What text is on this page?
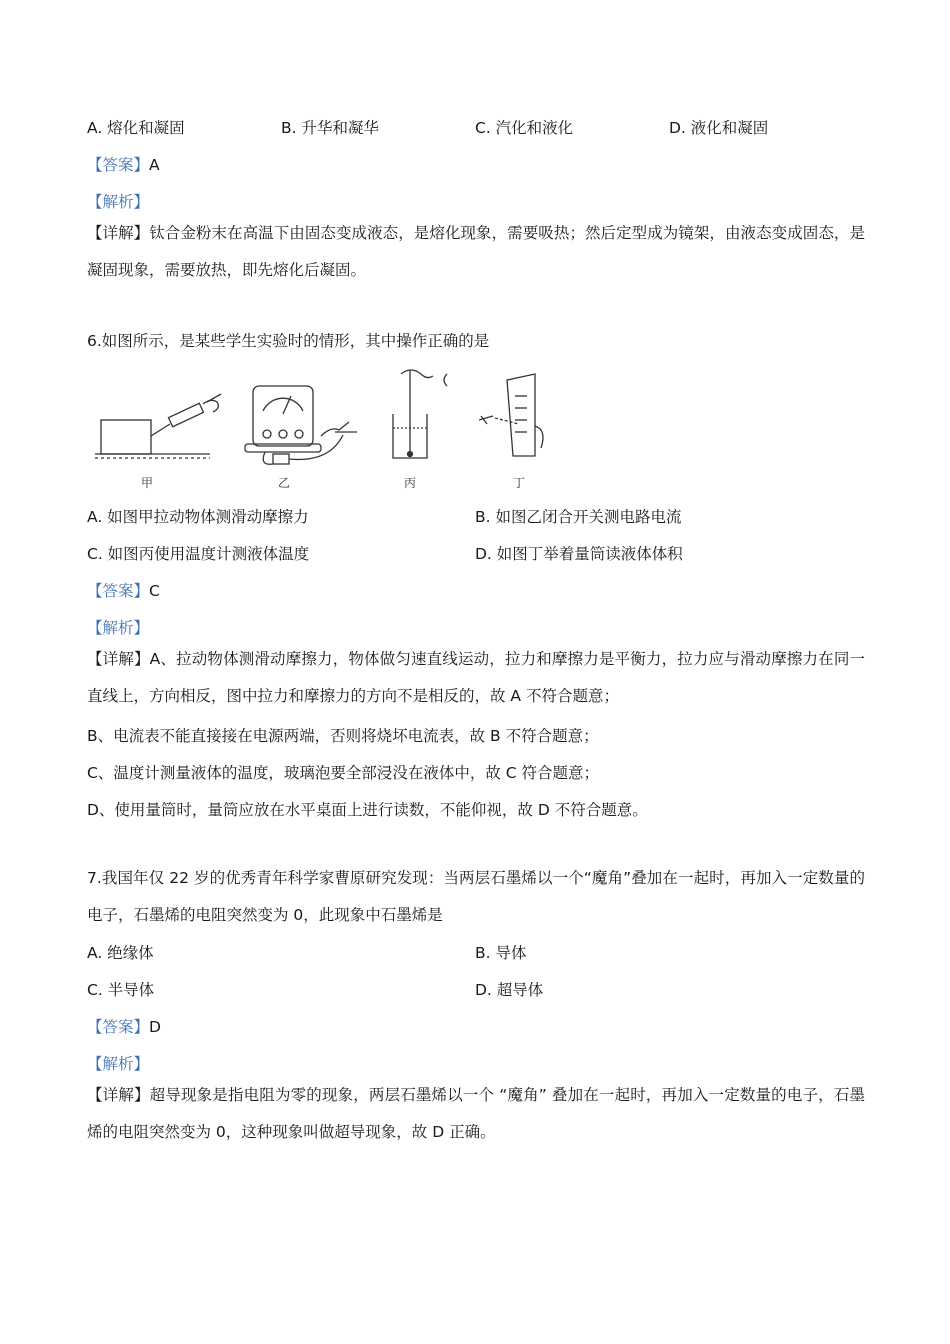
A. 熔化和凝固	B. 升华和凝华	C. 汽化和液化	D. 液化和凝固
【答案】A
【解析】
【详解】钛合金粉末在高温下由固态变成液态，是熔化现象，需要吸热；然后定型成为镜架，由液态变成固态，是凝固现象，需要放热，即先熔化后凝固。
6.如图所示，是某些学生实验时的情形，其中操作正确的是
甲	乙	丙	丁
A. 如图甲拉动物体测滑动摩擦力	B. 如图乙闭合开关测电路电流
C. 如图丙使用温度计测液体温度	D. 如图丁举着量筒读液体体积
【答案】C
【解析】
【详解】A、拉动物体测滑动摩擦力，物体做匀速直线运动，拉力和摩擦力是平衡力，拉力应与滑动摩擦力在同一直线上，方向相反，图中拉力和摩擦力的方向不是相反的，故 A 不符合题意；
B、电流表不能直接接在电源两端，否则将烧坏电流表，故 B 不符合题意；
C、温度计测量液体的温度，玻璃泡要全部浸没在液体中，故 C 符合题意；
D、使用量筒时，量筒应放在水平桌面上进行读数，不能仰视，故 D 不符合题意。
7.我国年仅 22 岁的优秀青年科学家曹原研究发现：当两层石墨烯以一个“魔角”叠加在一起时，再加入一定数量的电子，石墨烯的电阻突然变为 0，此现象中石墨烯是
A. 绝缘体	B. 导体
C. 半导体	D. 超导体
【答案】D
【解析】
【详解】超导现象是指电阻为零的现象，两层石墨烯以一个 “魔角” 叠加在一起时，再加入一定数量的电子，石墨烯的电阻突然变为 0，这种现象叫做超导现象，故 D 正确。
